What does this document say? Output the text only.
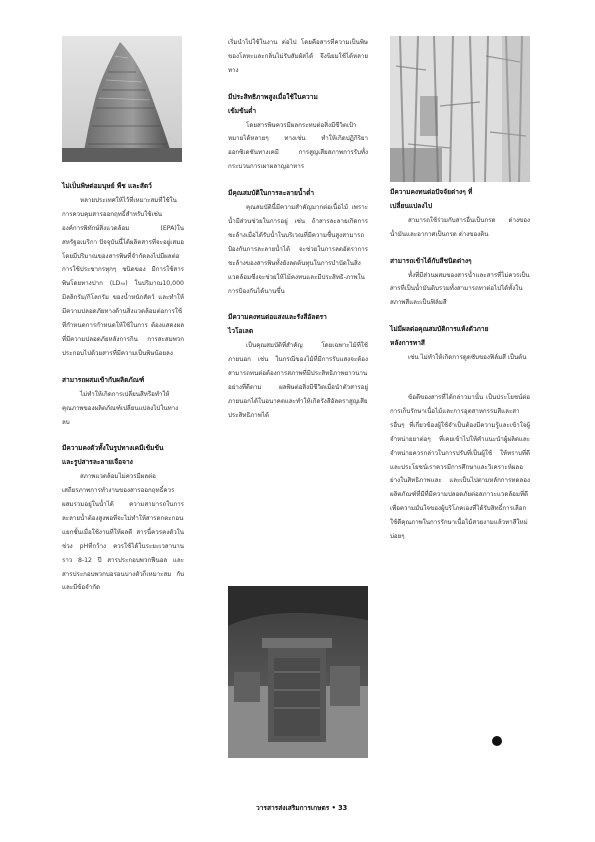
ไม่เป็นพิษต่อมนุษย์ พืช และสัตว์

หลายประเทศให้ไว้ที่เหมาะสมที่ใช้ในการควบคุมสารออกฤทธิ์สำหรับใช้เช่น องค์การพิทักษ์สิ่งแวดล้อม (EPA)ในสหรัฐอเมริกา ปัจจุบันนี้ได้ผลิตสารที่จะอยู่เสมอ โดยมีปริมาณของสารพิษที่จำกัดลงไปมีผลต่อการใช้ประชากรทุกๆ ชนิดของ มีการใช้สารพิษโดยทางปาก (LD₅₀) ในปริมาณ10,000 มิลลิกรัม/กิโลกรัม ของน้ำหนักสัตว์ และทำให้มีความปลอดภัยทางด้านสิ่งแวดล้อมต่อการใช้ที่กำหนดการกำหนดให้ใช้ในการ ต้องแสดงผลที่มีความปลอดภัยหลังการกิน การสะสมพวกประกอบไปด้วยสารที่มีความเป็นพิษน้อยลง

สามารถผสมเข้ากับผลิตภัณฑ์

ไม่ทำให้เกิดการเปลี่ยนสีหรือทำให้คุณภาพของผลิตภัณฑ์เปลี่ยนแปลงไปในทางลบ

มีความคงตัวทั้งในรูปทางเคมีเข้มข้น
และรูปสารละลายเจือจาง

สภาพแวดล้อมไม่ควรมีผลต่อเสถียรภาพการทำงานของสารออกฤทธิ์ควรผสมรวมอยู่ในน้ำได้ ความสามารถในการละลายน้ำต้องสูงพอที่จะไม่ทำให้สารตกตะกอนแยกชั้นเมื่อใช้งานที่ให้ผลดี สารนี้ควรคงตัวในช่วง pHที่กว้าง ควรใช้ได้ในระยะเวลานานราว 8-12 ปี สารประกอบพวกฟีนอล และสารประกอบพวกบอรอนบางตัวก็เหมาะสม กับ และมีข้อจำกัด

เริ่มนำไปใช้ในงาน ต่อไป โดยคือสารที่ความเป็นพิษของโลหะและกลิ่นไม่รับสัมผัสได้ จึงนิยมใช้ได้หลายทาง

มีประสิทธิภาพสูงเมื่อใช้ในความ
เข้มข้นต่ำ

โดยสารพิษควรมีผลกระทบต่อสิ่งมีชีวิตเป้าหมายได้หลายๆ ทางเช่น ทำให้เกิดปฏิกิริยาออกซิเดชันทางเคมี การสูญเสียสภาพการรับทั้งกระบวนการเผาผลาญอาหาร

มีคุณสมบัติในการละลายน้ำต่ำ

คุณสมบัตินี้มีความสำคัญมากต่อเนื้อไม้ เพราะน้ำมีส่วนช่วยในการอยู่ เช่น ถ้าสารละลายเกิดการชะล้างเมื่อได้รับน้ำในบริเวณที่มีความชื้นสูงสามารถป้องกันการละลายน้ำได้ จะช่วยในการลดอัตราการชะล้างของสารพิษทั้งยังลดต้นทุนในการบำบัดในสิ่งแวดล้อมซึ่งจะช่วยให้ไม้คงทนและมีประสิทธิ-ภาพในการป้องกันได้นานขึ้น

มีความคงทนต่อแสงและรังสีอัลตรา
ไวโอเลต

เป็นคุณสมบัติที่สำคัญ โดยเฉพาะไม้ที่ใช้ภายนอก เช่น ในกรณีของไม้ที่มีการรับแสงจะต้องสามารถทนต่อต้องการสภาพที่มีประสิทธิภาพยาวนาน อย่างที่ดีตาม ผลพิษต่อสิ่งมีชีวิตเมื่อนำตัวสารอยู่ภายนอกได้ในอนาคตและทำให้เกิดรังสีอัลตราสูญเสียประสิทธิภาพได้

มีความคงทนต่อปัจจัยต่างๆ ที่
เปลี่ยนแปลงไป

สามารถใช้ร่วมกับสารอื่นเป็นกรด ด่างของน้ำมันและอากาศเป็นกรด ด่างของดิน

สามารถเข้าได้กับสีชนิดต่างๆ

ทั้งที่มีส่วนผสมของสารน้ำและสารที่ไม่ควรเป็นสารที่เป็นน้ำมันดิบรวมทั้งสามารถทาต่อไปได้ทั้งในสภาพสีและเป็นฟิล์มสี

ไม่มีผลต่อคุณสมบัติการแห้งตัวภาย
หลังการทาสี

เช่น ไม่ทำให้เกิดการดูดซับของฟิล์มสี เป็นต้น

ข้อดีของสารที่ได้กล่าวมานั้น เป็นประโยชน์ต่อการเก็บรักษาเนื้อไม้และการอุตสาหกรรมสีและสารอื่นๆ ที่เกี่ยวข้องผู้ใช้จำเป็นต้องมีความรู้และเข้าใจผู้จำหน่ายยาต่อๆ ที่เคยเข้าไปให้คำแนะนำผู้ผลิตและจำหน่ายควรกล่าวในการปรับที่เป็นผู้ใช้ ให้ทราบที่ดีและประโยชน์เราควรมีการศึกษาและวิเคราะห์ผลอย่างในสิทธิภาพและ และเป็นไปตามหลักการทดลองผลิตภัณฑ์ที่มีที่มีความปลอดภัยต่อสภาวะแวดล้อมที่ดี เพื่อความมั่นใจของผู้บริโภคเองที่ได้รับสิทธิ์การเลือกใช้ดีคุณภาพในการรักษาเนื้อไม้สวยงามแล้วทาสีใหม่บ่อยๆ

วารสารส่งเสริมการเกษตร • 33
